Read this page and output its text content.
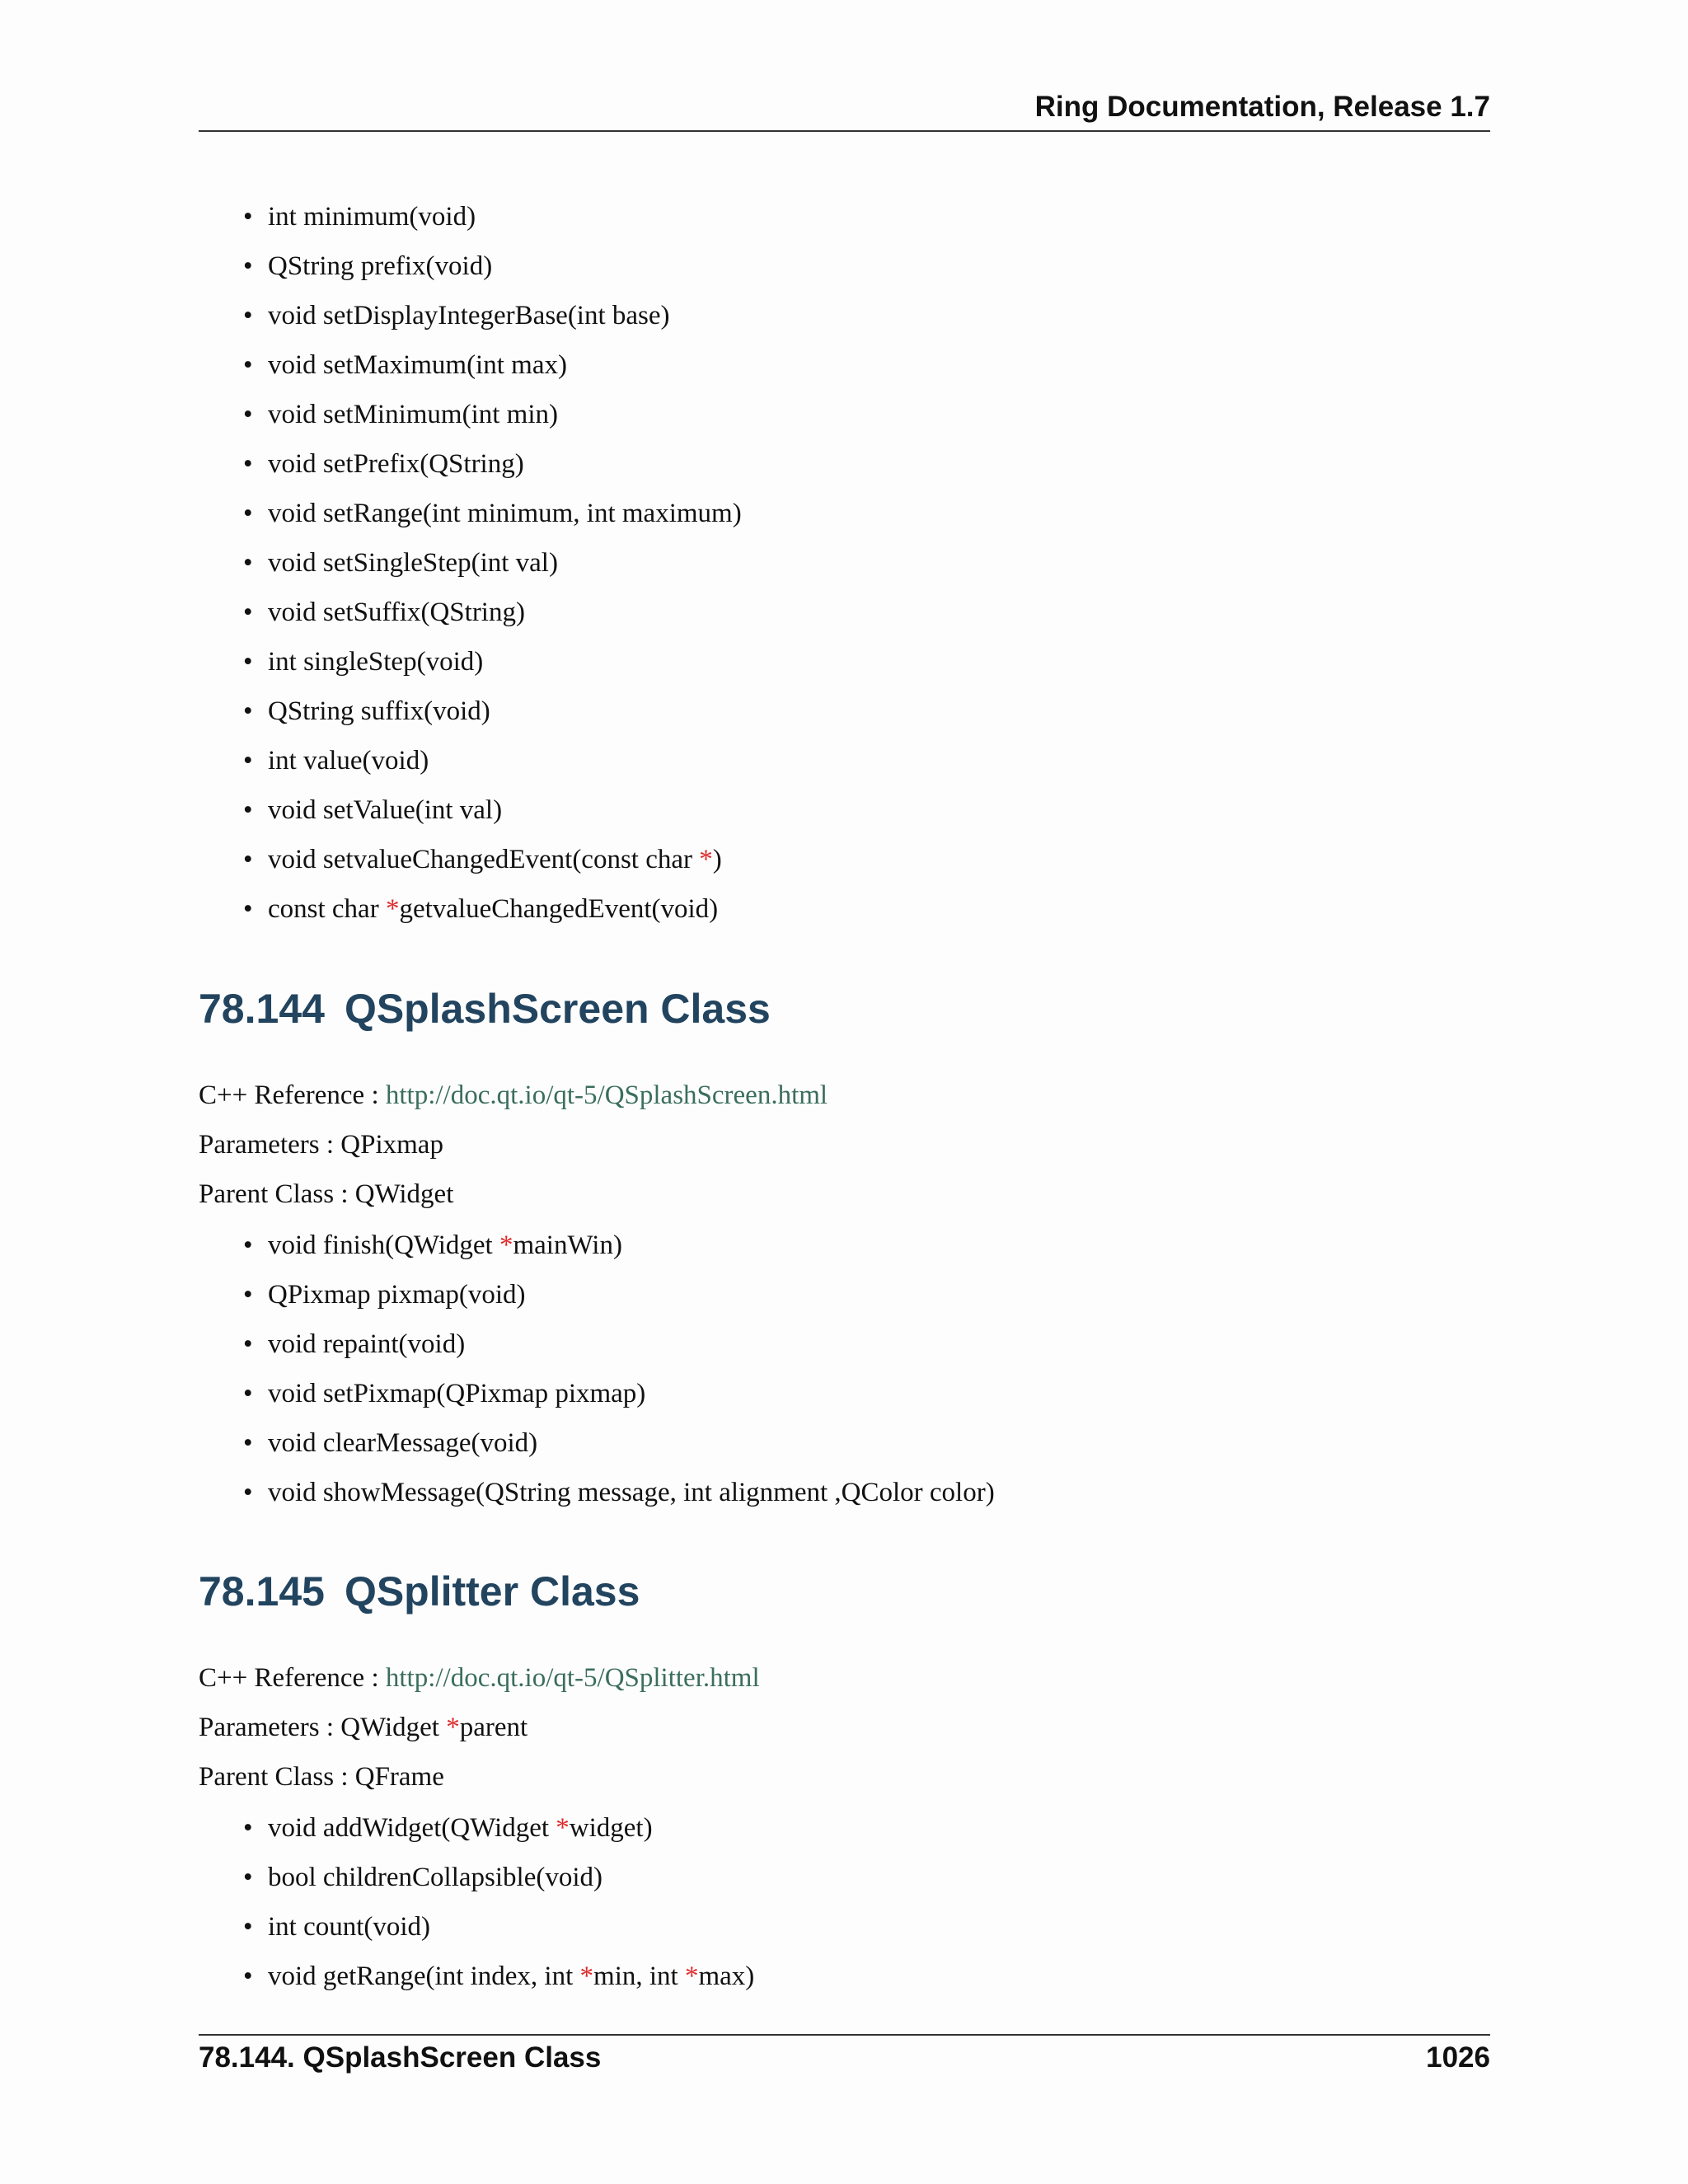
Ring Documentation, Release 1.7
• int minimum(void)
• QString prefix(void)
• void setDisplayIntegerBase(int base)
• void setMaximum(int max)
• void setMinimum(int min)
• void setPrefix(QString)
• void setRange(int minimum, int maximum)
• void setSingleStep(int val)
• void setSuffix(QString)
• int singleStep(void)
• QString suffix(void)
• int value(void)
• void setValue(int val)
• void setvalueChangedEvent(const char *)
• const char *getvalueChangedEvent(void)
78.144 QSplashScreen Class

C++ Reference : http://doc.qt.io/qt-5/QSplashScreen.html

Parameters : QPixmap

Parent Class : QWidget

• void finish(QWidget *mainWin)
• QPixmap pixmap(void)
• void repaint(void)
• void setPixmap(QPixmap pixmap)
• void clearMessage(void)
• void showMessage(QString message, int alignment ,QColor color)
78.145 QSplitter Class

C++ Reference : http://doc.qt.io/qt-5/QSplitter.html

Parameters : QWidget *parent

Parent Class : QFrame

• void addWidget(QWidget *widget)
• bool childrenCollapsible(void)
• int count(void)
• void getRange(int index, int *min, int *max)
78.144. QSplashScreen Class	1026
